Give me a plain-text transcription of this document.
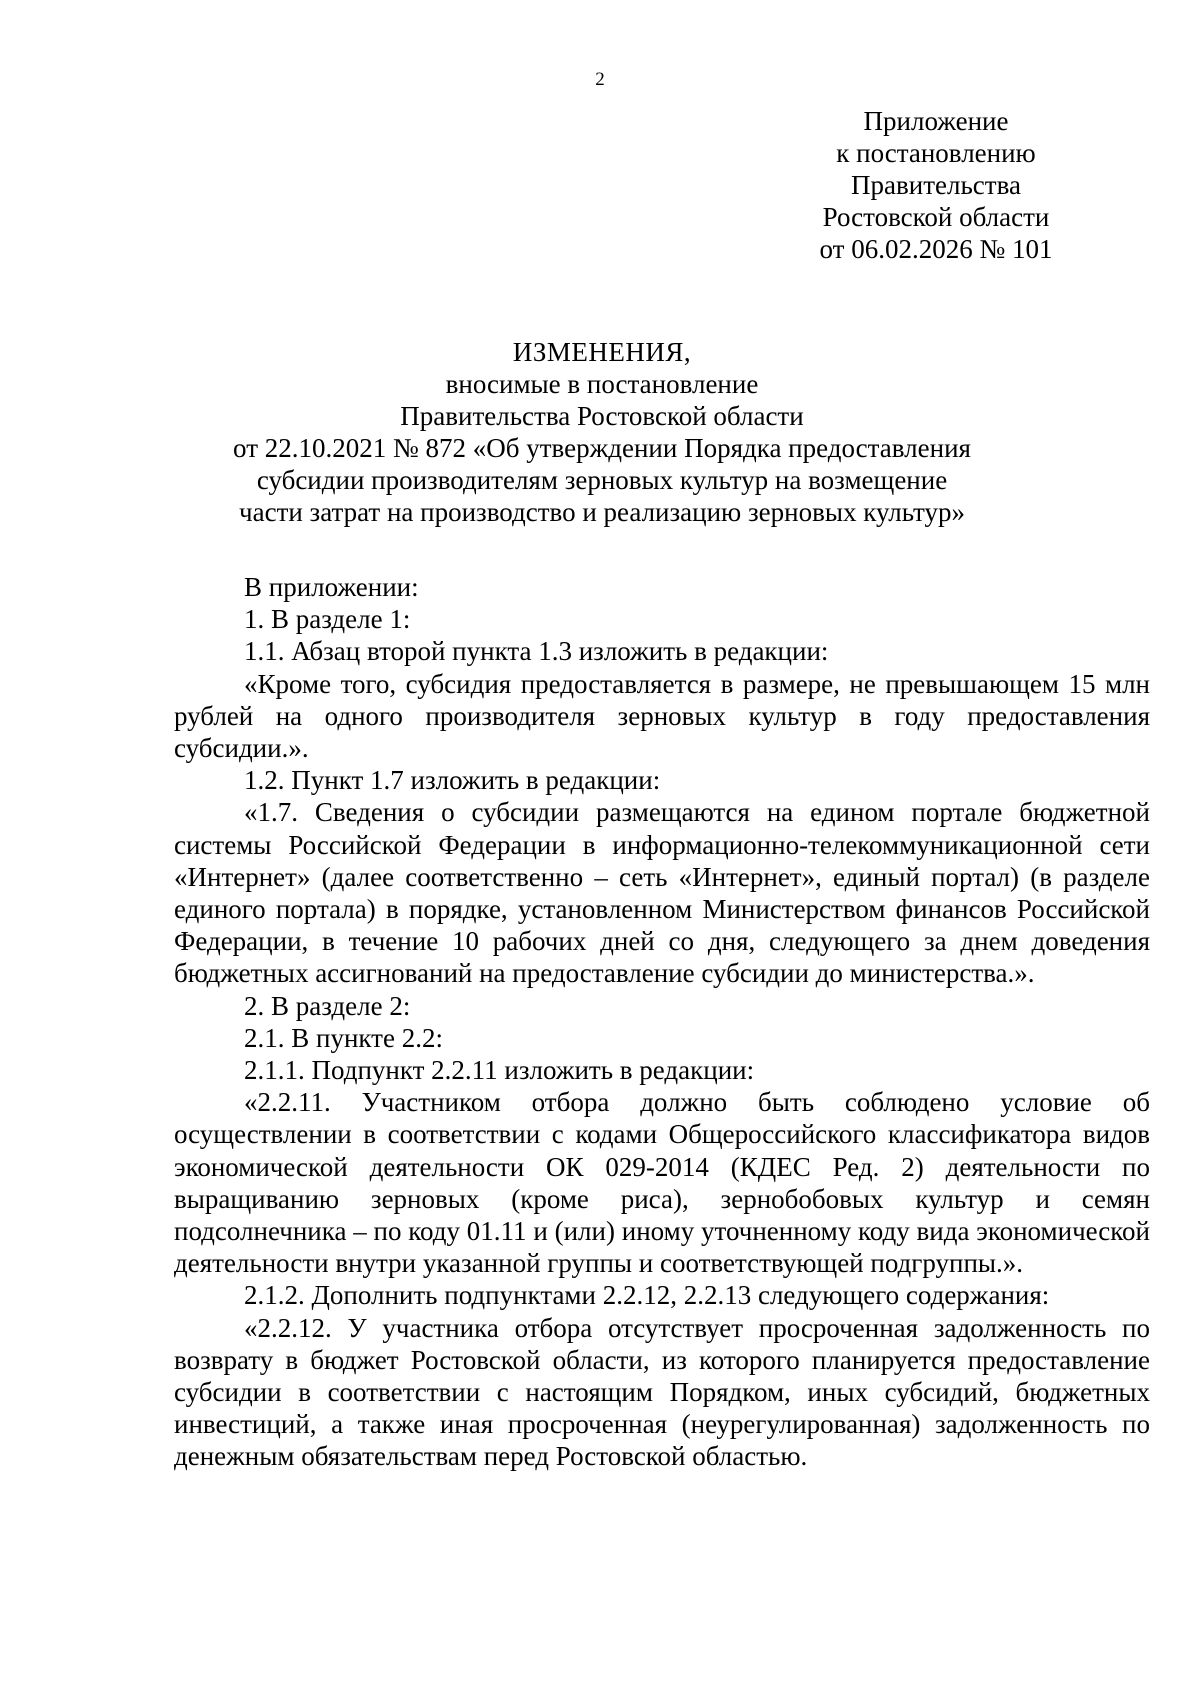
2
Приложение
к постановлению
Правительства
Ростовской области
от 06.02.2026 № 101
ИЗМЕНЕНИЯ,
вносимые в постановление
Правительства Ростовской области
от 22.10.2021 № 872 «Об утверждении Порядка предоставления
субсидии производителям зерновых культур на возмещение
части затрат на производство и реализацию зерновых культур»

В приложении:

1. В разделе 1:

1.1. Абзац второй пункта 1.3 изложить в редакции:

«Кроме того, субсидия предоставляется в размере, не превышающем 15 млн рублей на одного производителя зерновых культур в году предоставления субсидии.».

1.2. Пункт 1.7 изложить в редакции:

«1.7. Сведения о субсидии размещаются на едином портале бюджетной системы Российской Федерации в информационно-телекоммуникационной сети «Интернет» (далее соответственно – сеть «Интернет», единый портал) (в разделе единого портала) в порядке, установленном Министерством финансов Российской Федерации, в течение 10 рабочих дней со дня, следующего за днем доведения бюджетных ассигнований на предоставление субсидии до министерства.».

2. В разделе 2:

2.1. В пункте 2.2:

2.1.1. Подпункт 2.2.11 изложить в редакции:

«2.2.11. Участником отбора должно быть соблюдено условие об осуществлении в соответствии с кодами Общероссийского классификатора видов экономической деятельности ОК 029-2014 (КДЕС Ред. 2) деятельности по выращиванию зерновых (кроме риса), зернобобовых культур и семян подсолнечника – по коду 01.11 и (или) иному уточненному коду вида экономической деятельности внутри указанной группы и соответствующей подгруппы.».

2.1.2. Дополнить подпунктами 2.2.12, 2.2.13 следующего содержания:

«2.2.12. У участника отбора отсутствует просроченная задолженность по возврату в бюджет Ростовской области, из которого планируется предоставление субсидии в соответствии с настоящим Порядком, иных субсидий, бюджетных инвестиций, а также иная просроченная (неурегулированная) задолженность по денежным обязательствам перед Ростовской областью.
